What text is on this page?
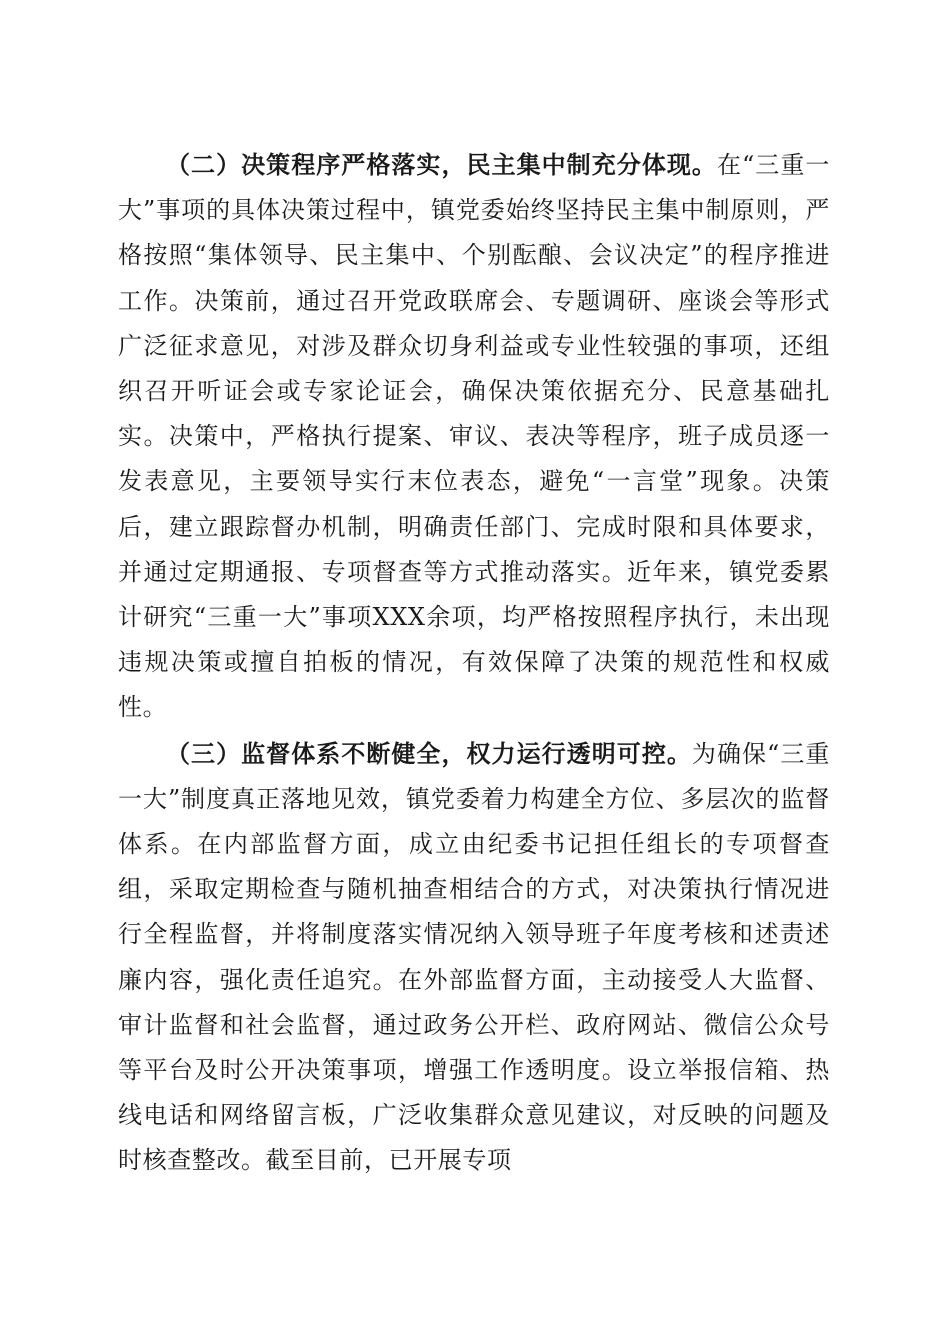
（二）决策程序严格落实，民主集中制充分体现。在“三重一大”事项的具体决策过程中，镇党委始终坚持民主集中制原则，严格按照“集体领导、民主集中、个别酝酿、会议决定”的程序推进工作。决策前，通过召开党政联席会、专题调研、座谈会等形式广泛征求意见，对涉及群众切身利益或专业性较强的事项，还组织召开听证会或专家论证会，确保决策依据充分、民意基础扎实。决策中，严格执行提案、审议、表决等程序，班子成员逐一发表意见，主要领导实行末位表态，避免“一言堂”现象。决策后，建立跟踪督办机制，明确责任部门、完成时限和具体要求，并通过定期通报、专项督查等方式推动落实。近年来，镇党委累计研究“三重一大”事项XXX余项，均严格按照程序执行，未出现违规决策或擅自拍板的情况，有效保障了决策的规范性和权威性。

（三）监督体系不断健全，权力运行透明可控。为确保“三重一大”制度真正落地见效，镇党委着力构建全方位、多层次的监督体系。在内部监督方面，成立由纪委书记担任组长的专项督查组，采取定期检查与随机抽查相结合的方式，对决策执行情况进行全程监督，并将制度落实情况纳入领导班子年度考核和述责述廉内容，强化责任追究。在外部监督方面，主动接受人大监督、审计监督和社会监督，通过政务公开栏、政府网站、微信公众号等平台及时公开决策事项，增强工作透明度。设立举报信箱、热线电话和网络留言板，广泛收集群众意见建议，对反映的问题及时核查整改。截至目前，已开展专项
